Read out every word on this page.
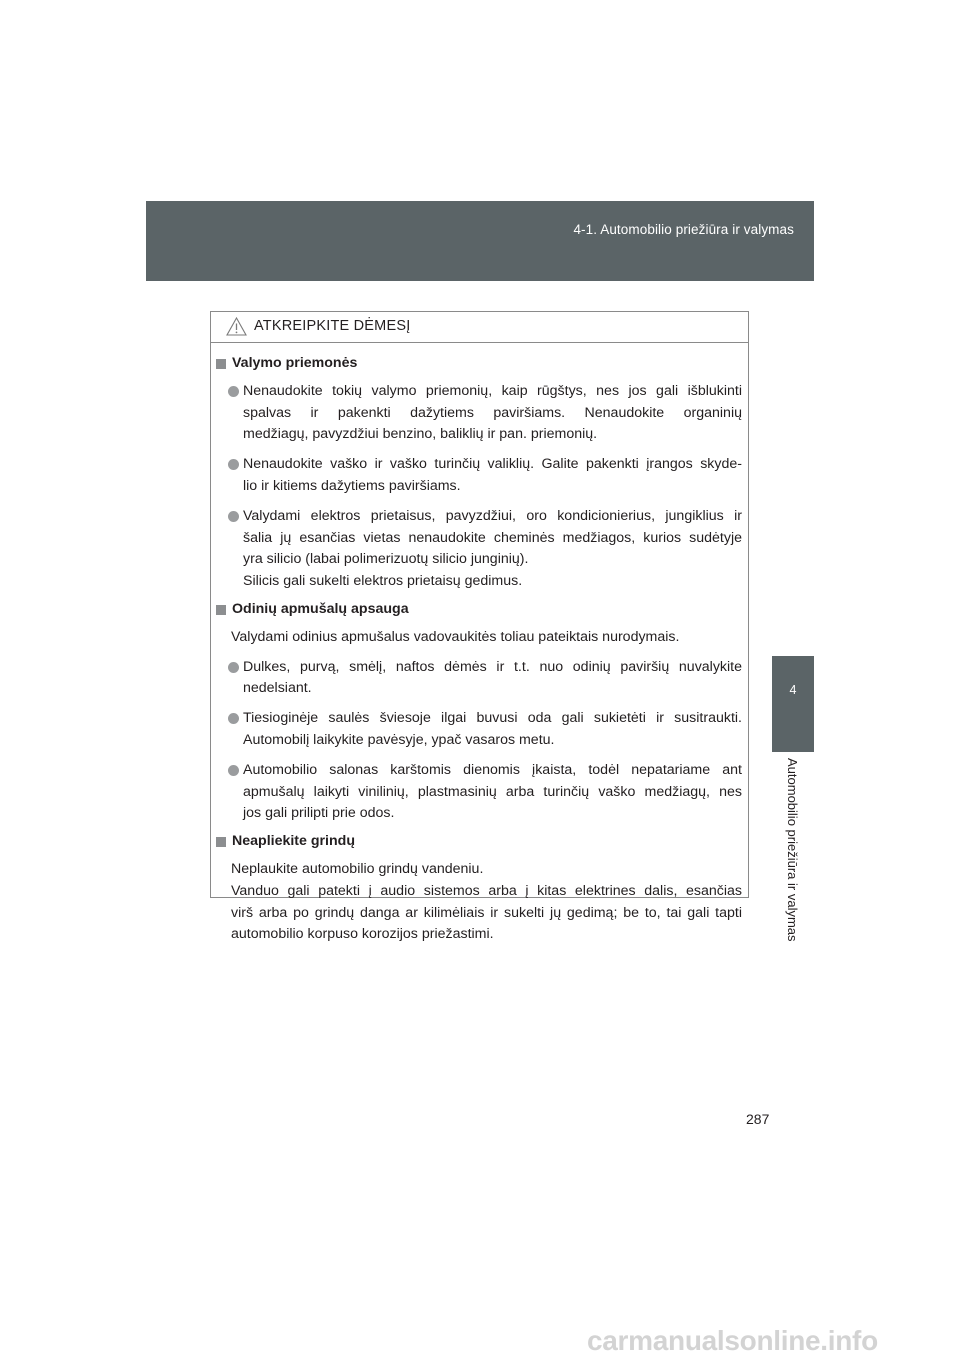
4-1. Automobilio priežiūra ir valymas
4
Automobilio priežiūra ir valymas
ATKREIPKITE DĖMESĮ
Valymo priemonės
Nenaudokite tokių valymo priemonių, kaip rūgštys, nes jos gali išblukinti
spalvas ir pakenkti dažytiems paviršiams. Nenaudokite organinių
medžiagų, pavyzdžiui benzino, baliklių ir pan. priemonių.
Nenaudokite vaško ir vaško turinčių valiklių. Galite pakenkti įrangos skyde-
lio ir kitiems dažytiems paviršiams.
Valydami elektros prietaisus, pavyzdžiui, oro kondicionierius, jungiklius ir
šalia jų esančias vietas nenaudokite cheminės medžiagos, kurios sudėtyje
yra silicio (labai polimerizuotų silicio junginių).
Silicis gali sukelti elektros prietaisų gedimus.
Odinių apmušalų apsauga
Valydami odinius apmušalus vadovaukitės toliau pateiktais nurodymais.
Dulkes, purvą, smėlį, naftos dėmės ir t.t. nuo odinių paviršių nuvalykite
nedelsiant.
Tiesioginėje saulės šviesoje ilgai buvusi oda gali sukietėti ir susitraukti.
Automobilį laikykite pavėsyje, ypač vasaros metu.
Automobilio salonas karštomis dienomis įkaista, todėl nepatariame ant
apmušalų laikyti vinilinių, plastmasinių arba turinčių vaško medžiagų, nes
jos gali prilipti prie odos.
Neapliekite grindų
Neplaukite automobilio grindų vandeniu.
Vanduo gali patekti į audio sistemos arba į kitas elektrines dalis, esančias
virš arba po grindų danga ar kilimėliais ir sukelti jų gedimą; be to, tai gali tapti
automobilio korpuso korozijos priežastimi.
287
carmanualsonline.info
